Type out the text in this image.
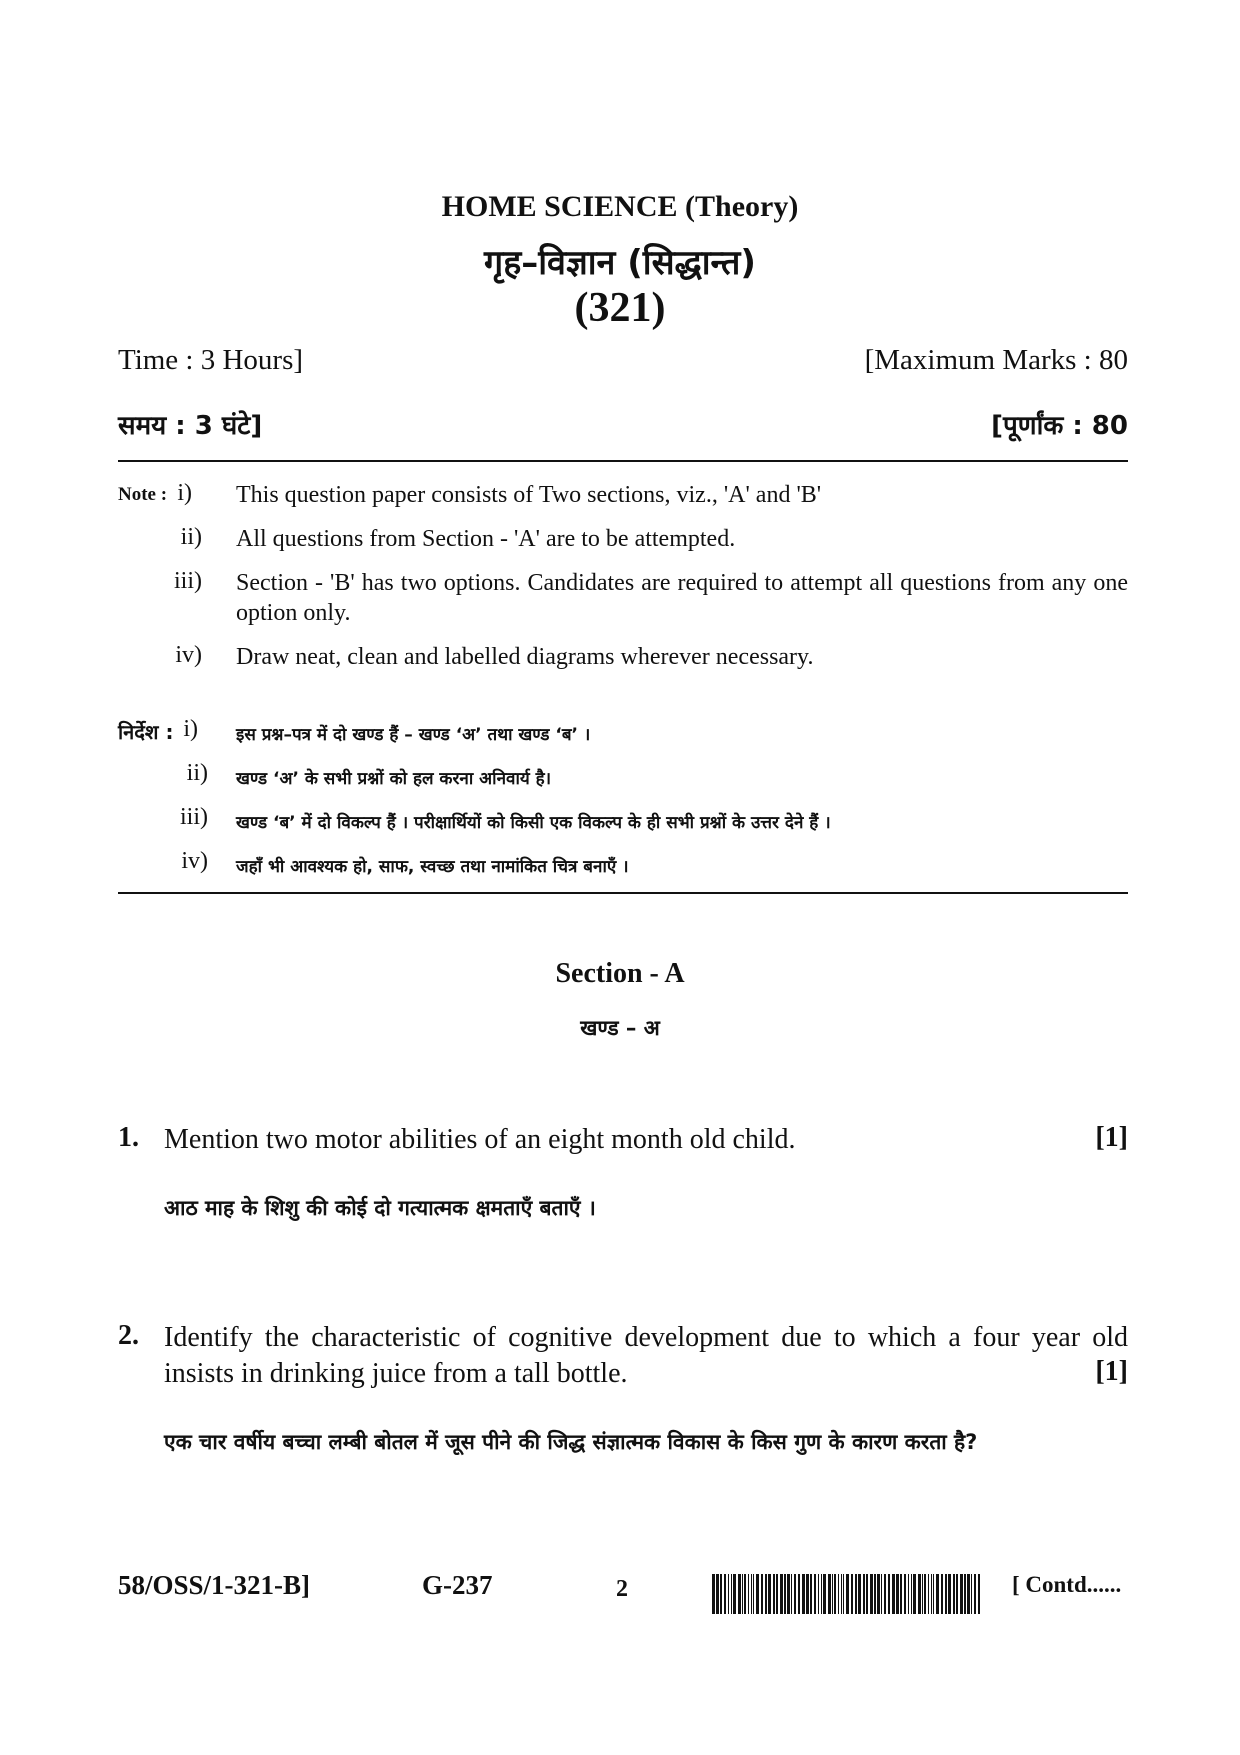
HOME SCIENCE (Theory)
गृह–विज्ञान (सिद्धान्त)
(321)
Time : 3 Hours]	[Maximum Marks : 80
समय : 3 घंटे]	[पूर्णांक : 80
Note : i) This question paper consists of Two sections, viz., 'A' and 'B'
ii) All questions from Section - 'A' are to be attempted.
iii) Section - 'B' has two options. Candidates are required to attempt all questions from any one option only.
iv) Draw neat, clean and labelled diagrams wherever necessary.
निर्देश : i) इस प्रश्न–पत्र में दो खण्ड हैं – खण्ड ‘अ’ तथा खण्ड ‘ब’ ।
ii) खण्ड ‘अ’ के सभी प्रश्नों को हल करना अनिवार्य है।
iii) खण्ड ‘ब’ में दो विकल्प हैं । परीक्षार्थियों को किसी एक विकल्प के ही सभी प्रश्नों के उत्तर देने हैं ।
iv) जहाँ भी आवश्यक हो, साफ, स्वच्छ तथा नामांकित चित्र बनाएँ ।
Section - A
खण्ड – अ
1. Mention two motor abilities of an eight month old child.	[1]
आठ माह के शिशु की कोई दो गत्यात्मक क्षमताएँ बताएँ ।
2. Identify the characteristic of cognitive development due to which a four year old
insists in drinking juice from a tall bottle.	[1]
एक चार वर्षीय बच्चा लम्बी बोतल में जूस पीने की जिद्ध संज्ञात्मक विकास के किस गुण के कारण करता है?
58/OSS/1-321-B]	G-237	2	[ Contd......
